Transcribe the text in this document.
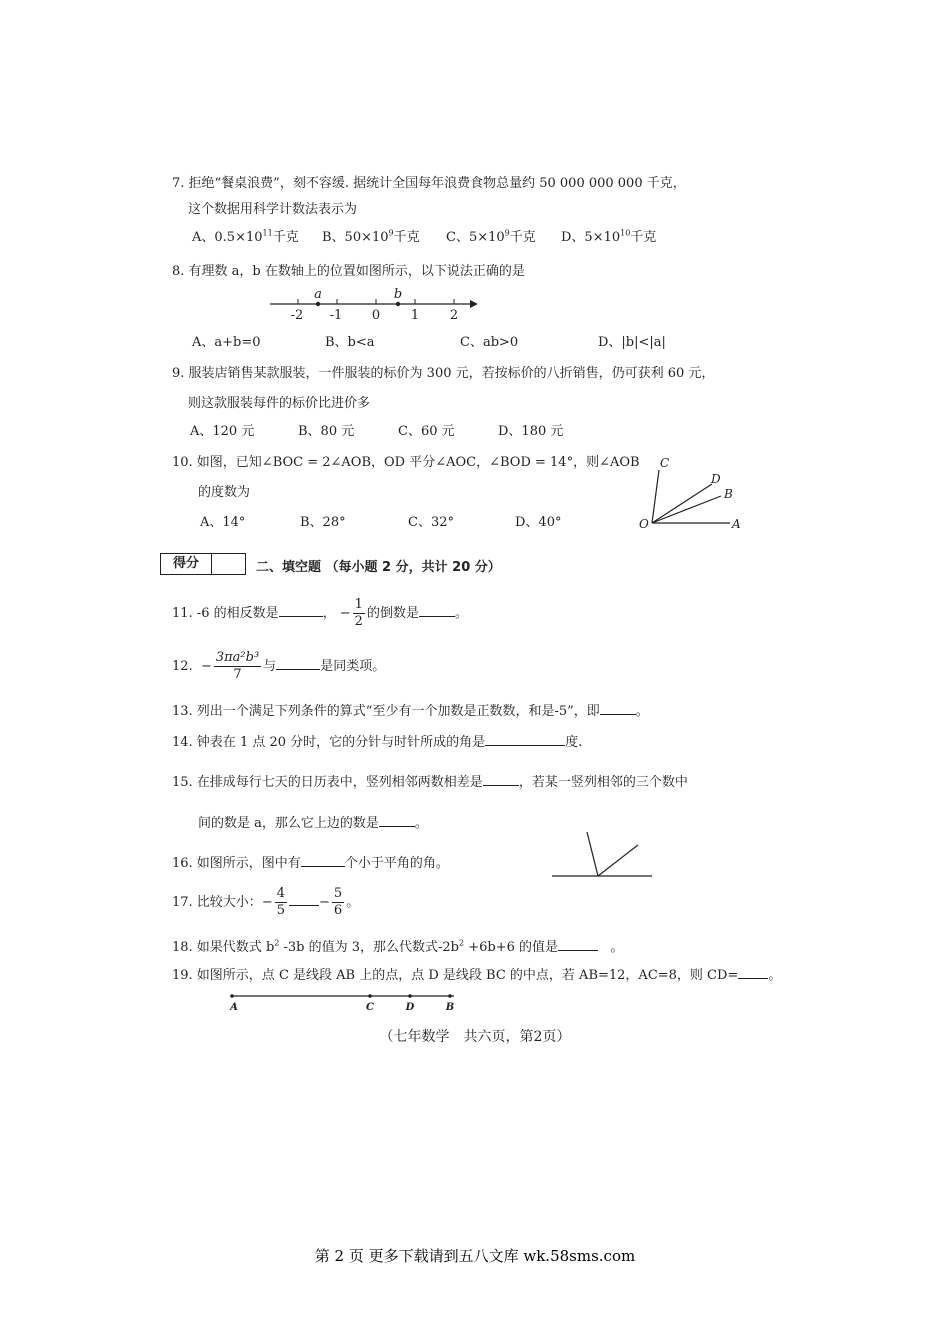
7. 拒绝“餐桌浪费”，刻不容缓. 据统计全国每年浪费食物总量约 50 000 000 000 千克，
这个数据用科学计数法表示为
A、$0.5\times 10^{11}$千克 B、$50\times 10^9$千克 C、$5\times 10^9$千克 D、$5\times 10^{10}$千克
8. 有理数 a，b 在数轴上的位置如图所示，以下说法正确的是
-2 -1 0 1 2
a	b
A、a+b=0	B、b<a	C、ab>0	D、|b|<|a|
9. 服装店销售某款服装，一件服装的标价为 300 元，若按标价的八折销售，仍可获利 60 元，
则这款服装每件的标价比进价多
A、120 元	B、80 元	C、60 元	D、180 元
10. 如图，已知∠BOC = 2∠AOB，OD 平分∠AOC，∠BOD = 14°，则∠AOB
的度数为
A、14°	B、28°	C、32°	D、40°	O	A
B
C
D
得分	二、填空题 （每小题 2 分，共计 20 分）
11. -6 的相反数是	， − $\frac{1}{2}$ 的倒数是	。
12. − $\frac{\text{3πa²b³}}{7}$ 与	是同类项。
13. 列出一个满足下列条件的算式“至少有一个加数是正数数，和是-5”，即	。
14. 钟表在 1 点 20 分时，它的分针与时针所成的角是	度.
15. 在排成每行七天的日历表中，竖列相邻两数相差是	，若某一竖列相邻的三个数中
间的数是 a，那么它上边的数是	。
16. 如图所示，图中有	个小于平角的角。
17. 比较大小：− $\frac{4}{5} - \frac{5}{6}$ 。
18. 如果代数式 $b^2$ -3b 的值为 3，那么代数式$-2b^2 +6b+6$ 的值是	。
19. 如图所示，点 C 是线段 AB 上的点，点 D 是线段 BC 的中点，若 AB=12，AC=8，则 CD= 。
A	C	D	B
（七年数学　共六页，第2页）
第 2 页 更多下载请到五八文库 wk.58sms.com
